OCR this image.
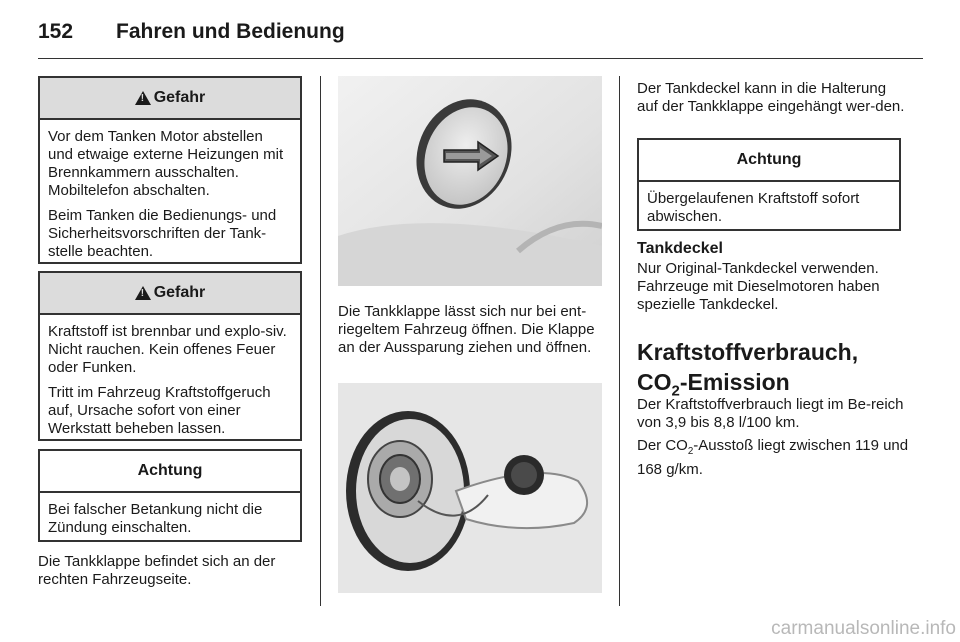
152 Fahren und Bedienung
!
Gefahr

Vor dem Tanken Motor abstellen und etwaige externe Heizungen mit Brennkammern ausschalten. Mobiltelefon abschalten.

Beim Tanken die Bedienungs- und Sicherheitsvorschriften der Tank-stelle beachten.

!
Gefahr

Kraftstoff ist brennbar und explo-siv. Nicht rauchen. Kein offenes Feuer oder Funken.

Tritt im Fahrzeug Kraftstoffgeruch auf, Ursache sofort von einer Werkstatt beheben lassen.

Achtung

Bei falscher Betankung nicht die Zündung einschalten.

Die Tankklappe befindet sich an der rechten Fahrzeugseite.

Die Tankklappe lässt sich nur bei ent-riegeltem Fahrzeug öffnen. Die Klappe an der Aussparung ziehen und öffnen.

Der Tankdeckel kann in die Halterung auf der Tankklappe eingehängt wer-den.

Achtung

Übergelaufenen Kraftstoff sofort abwischen.

Tankdeckel

Nur Original-Tankdeckel verwenden. Fahrzeuge mit Dieselmotoren haben spezielle Tankdeckel.

Kraftstoffverbrauch,
$CO_2$-Emission

Der Kraftstoffverbrauch liegt im Be-reich von 3,9 bis 8,8 l/100 km.

Der $CO_2$-Ausstoß liegt zwischen 119 und 168 g/km.

carmanualsonline.info
